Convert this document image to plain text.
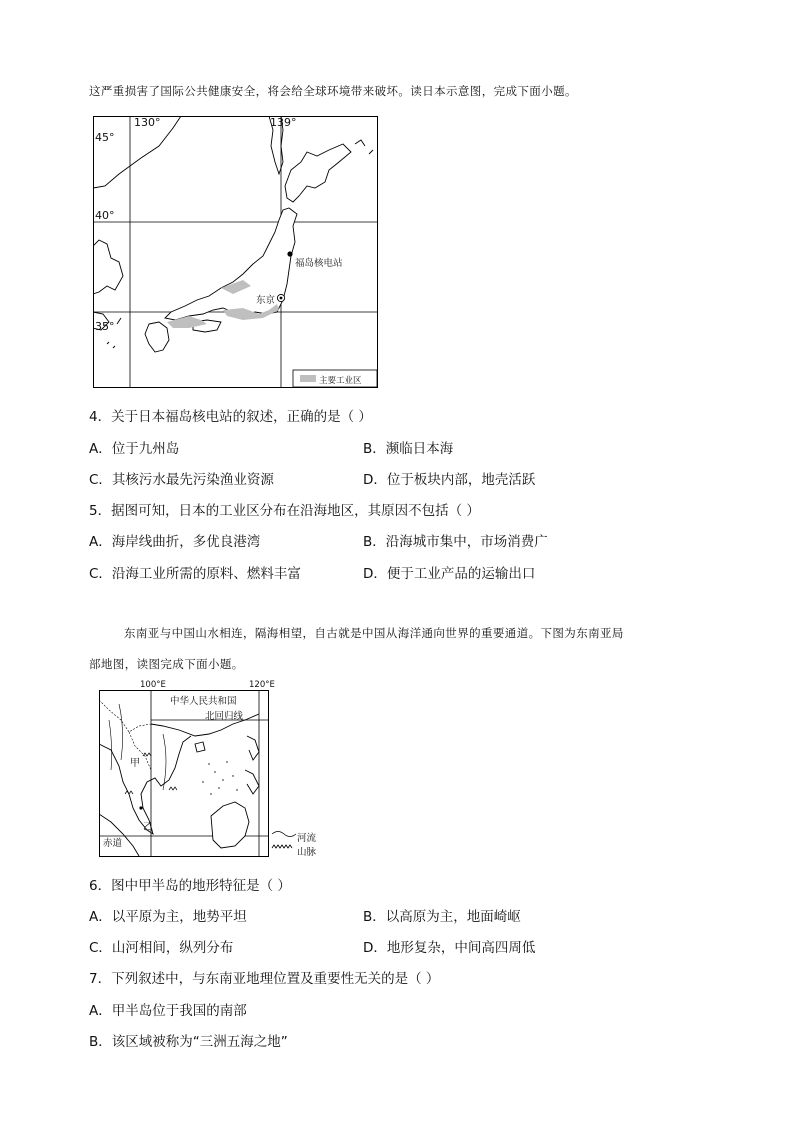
这严重损害了国际公共健康安全，将会给全球环境带来破坏。读日本示意图，完成下面小题。
130°	139°
45°
40°
35°
福岛核电站
东京
主要工业区
4．关于日本福岛核电站的叙述，正确的是（ ）
A．位于九州岛	B．濒临日本海
C．其核污水最先污染渔业资源	D．位于板块内部，地壳活跃
5．据图可知，日本的工业区分布在沿海地区，其原因不包括（ ）
A．海岸线曲折，多优良港湾	B．沿海城市集中，市场消费广
C．沿海工业所需的原料、燃料丰富	D．便于工业产品的运输出口
东南亚与中国山水相连，隔海相望，自古就是中国从海洋通向世界的重要通道。下图为东南亚局
部地图，读图完成下面小题。
100°E	120°E
中华人民共和国
北回归线
甲
乙
赤道	河流
山脉
6．图中甲半岛的地形特征是（ ）
A．以平原为主，地势平坦	B．以高原为主，地面崎岖
C．山河相间，纵列分布	D．地形复杂，中间高四周低
7．下列叙述中，与东南亚地理位置及重要性无关的是（ ）
A．甲半岛位于我国的南部
B．该区域被称为“三洲五海之地”
